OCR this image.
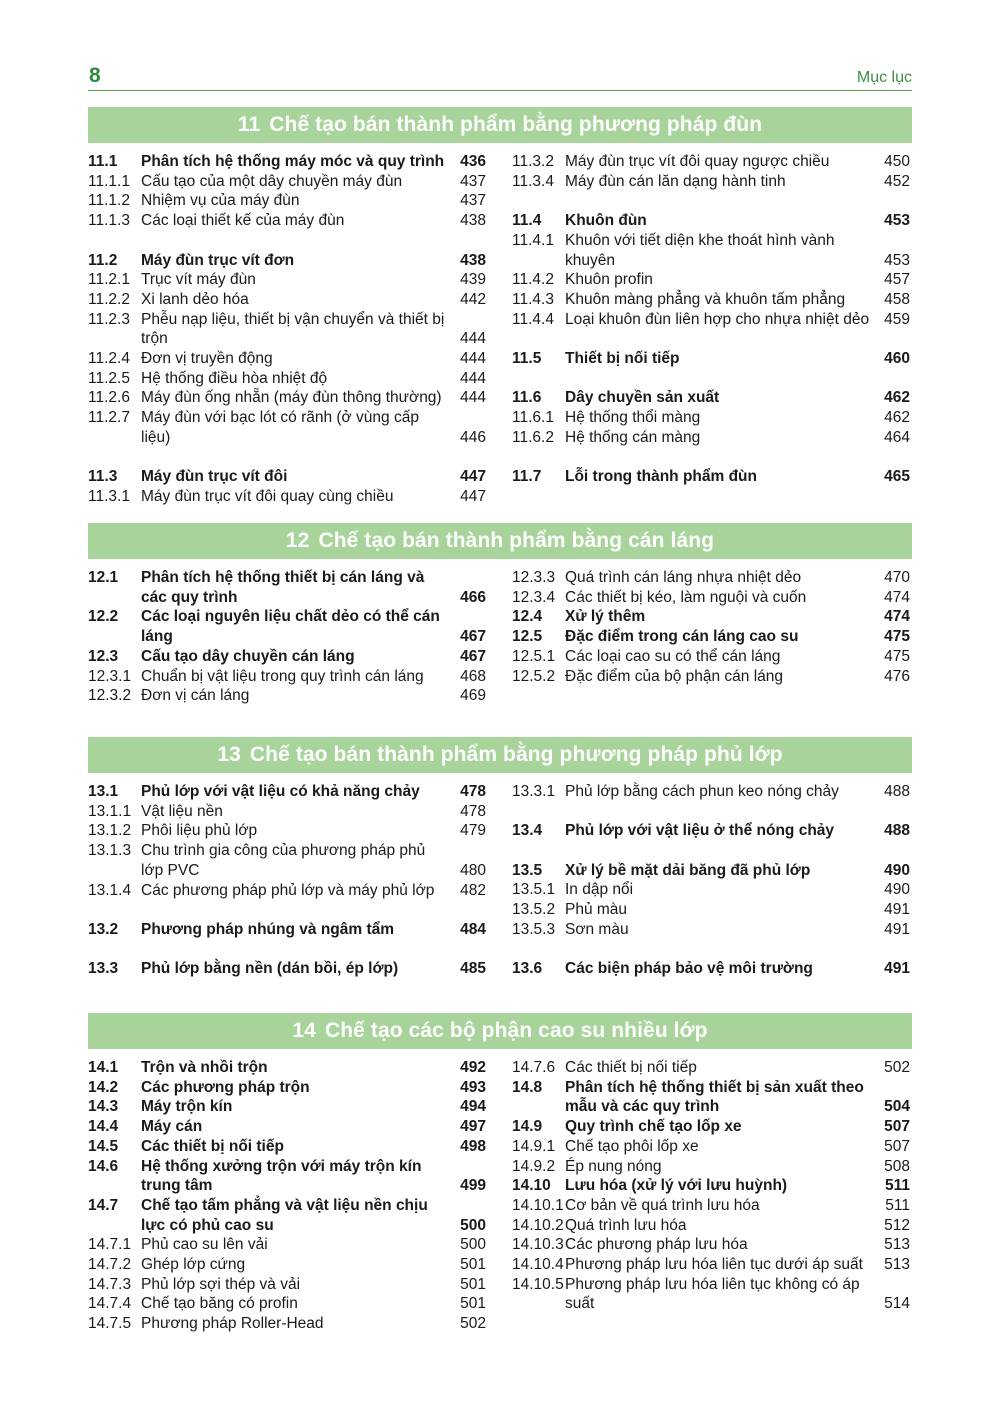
8	Mục lục
11 Chế tạo bán thành phẩm bằng phương pháp đùn
11.1	Phân tích hệ thống máy móc và quy trình	436
11.1.1 Cấu tạo của một dây chuyền máy đùn	437
11.1.2 Nhiệm vụ của máy đùn	437
11.1.3 Các loại thiết kế của máy đùn	438
11.2	Máy đùn trục vít đơn	438
11.2.1 Trục vít máy đùn	439
11.2.2 Xi lanh dẻo hóa	442
11.2.3 Phễu nạp liệu, thiết bị vận chuyển và thiết bị trộn	444
11.2.4 Đơn vị truyền động	444
11.2.5 Hệ thống điều hòa nhiệt độ	444
11.2.6 Máy đùn ống nhẵn (máy đùn thông thường)	444
11.2.7 Máy đùn với bạc lót có rãnh (ở vùng cấp liệu)	446
11.3	Máy đùn trục vít đôi	447
11.3.1 Máy đùn trục vít đôi quay cùng chiều	447
11.3.2 Máy đùn trục vít đôi quay ngược chiều	450
11.3.4 Máy đùn cán lăn dạng hành tinh	452
11.4	Khuôn đùn	453
11.4.1 Khuôn với tiết diện khe thoát hình vành khuyên	453
11.4.2 Khuôn profin	457
11.4.3 Khuôn màng phẳng và khuôn tấm phẳng	458
11.4.4 Loại khuôn đùn liên hợp cho nhựa nhiệt dẻo 459
11.5	Thiết bị nối tiếp	460
11.6	Dây chuyền sản xuất	462
11.6.1 Hệ thống thổi màng	462
11.6.2 Hệ thống cán màng	464
11.7	Lỗi trong thành phẩm đùn	465
12 Chế tạo bán thành phẩm bằng cán láng
12.1	Phân tích hệ thống thiết bị cán láng và các quy trình	466
12.2	Các loại nguyên liệu chất dẻo có thể cán láng	467
12.3	Cấu tạo dây chuyền cán láng	467
12.3.1 Chuẩn bị vật liệu trong quy trình cán láng	468
12.3.2 Đơn vị cán láng	469
12.3.3 Quá trình cán láng nhựa nhiệt dẻo	470
12.3.4 Các thiết bị kéo, làm nguội và cuốn	474
12.4	Xử lý thêm	474
12.5	Đặc điểm trong cán láng cao su	475
12.5.1 Các loại cao su có thể cán láng	475
12.5.2 Đặc điểm của bộ phận cán láng	476
13 Chế tạo bán thành phẩm bằng phương pháp phủ lớp
13.1	Phủ lớp với vật liệu có khả năng chảy	478
13.1.1 Vật liệu nền	478
13.1.2 Phôi liệu phủ lớp	479
13.1.3 Chu trình gia công của phương pháp phủ lớp PVC	480
13.1.4 Các phương pháp phủ lớp và máy phủ lớp	482
13.2	Phương pháp nhúng và ngâm tẩm	484
13.3	Phủ lớp bằng nền (dán bồi, ép lớp)	485
13.3.1 Phủ lớp bằng cách phun keo nóng chảy	488
13.4	Phủ lớp với vật liệu ở thể nóng chảy	488
13.5	Xử lý bề mặt dải băng đã phủ lớp	490
13.5.1 In dập nổi	490
13.5.2 Phủ màu	491
13.5.3 Sơn màu	491
13.6	Các biện pháp bảo vệ môi trường	491
14 Chế tạo các bộ phận cao su nhiều lớp
14.1	Trộn và nhồi trộn	492
14.2	Các phương pháp trộn	493
14.3	Máy trộn kín	494
14.4	Máy cán	497
14.5	Các thiết bị nối tiếp	498
14.6	Hệ thống xưởng trộn với máy trộn kín trung tâm	499
14.7	Chế tạo tấm phẳng và vật liệu nền chịu lực có phủ cao su	500
14.7.1 Phủ cao su lên vải	500
14.7.2 Ghép lớp cứng	501
14.7.3 Phủ lớp sợi thép và vải	501
14.7.4 Chế tạo băng có profin	501
14.7.5 Phương pháp Roller-Head	502
14.7.6 Các thiết bị nối tiếp	502
14.8	Phân tích hệ thống thiết bị sản xuất theo mẫu và các quy trình	504
14.9	Quy trình chế tạo lốp xe	507
14.9.1 Chế tạo phôi lốp xe	507
14.9.2 Ép nung nóng	508
14.10 Lưu hóa (xử lý với lưu huỳnh)	511
14.10.1 Cơ bản về quá trình lưu hóa	511
14.10.2 Quá trình lưu hóa	512
14.10.3 Các phương pháp lưu hóa	513
14.10.4 Phương pháp lưu hóa liên tục dưới áp suất	513
14.10.5 Phương pháp lưu hóa liên tục không có áp suất	514
